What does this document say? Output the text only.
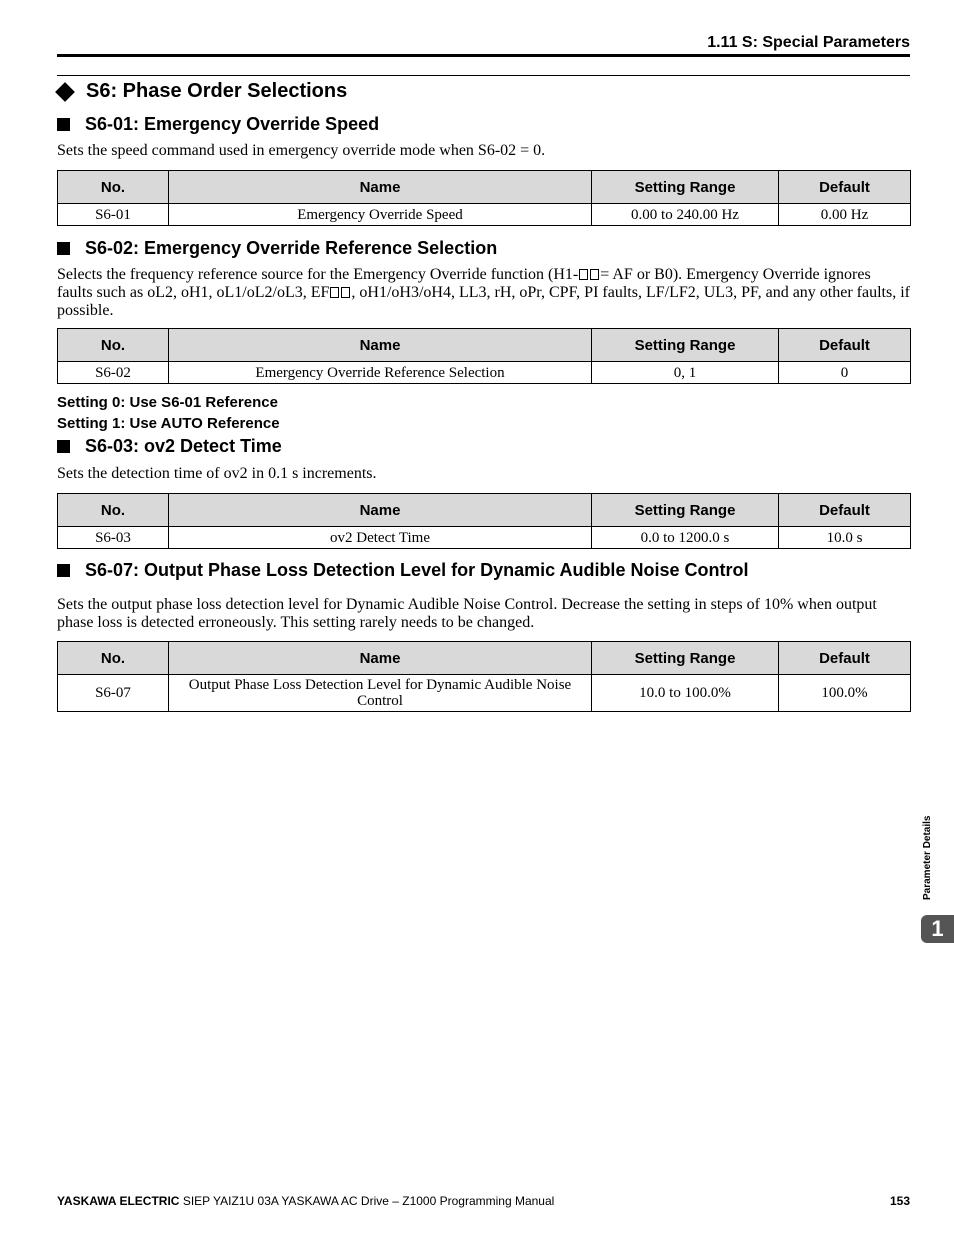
1.11 S: Special Parameters
S6: Phase Order Selections
S6-01: Emergency Override Speed
Sets the speed command used in emergency override mode when S6-02 = 0.
No.	Name	Setting Range	Default
S6-01	Emergency Override Speed	0.00 to 240.00 Hz	0.00 Hz
S6-02: Emergency Override Reference Selection
Selects the frequency reference source for the Emergency Override function (H1- = AF or B0). Emergency Override ignores faults such as oL2, oH1, oL1/oL2/oL3, EF , oH1/oH3/oH4, LL3, rH, oPr, CPF, PI faults, LF/LF2, UL3, PF, and any other faults, if possible.
No.	Name	Setting Range	Default
S6-02	Emergency Override Reference Selection	0, 1	0
Setting 0: Use S6-01 Reference
Setting 1: Use AUTO Reference
S6-03: ov2 Detect Time
Sets the detection time of ov2 in 0.1 s increments.
No.	Name	Setting Range	Default
S6-03	ov2 Detect Time	0.0 to 1200.0 s	10.0 s
S6-07: Output Phase Loss Detection Level for Dynamic Audible Noise Control
Sets the output phase loss detection level for Dynamic Audible Noise Control. Decrease the setting in steps of 10% when output phase loss is detected erroneously. This setting rarely needs to be changed.
No.	Name	Setting Range	Default
S6-07	Output Phase Loss Detection Level for Dynamic Audible Noise Control	10.0 to 100.0%	100.0%
Parameter Details
1
YASKAWA ELECTRIC SIEP YAIZ1U 03A YASKAWA AC Drive – Z1000 Programming Manual	153
